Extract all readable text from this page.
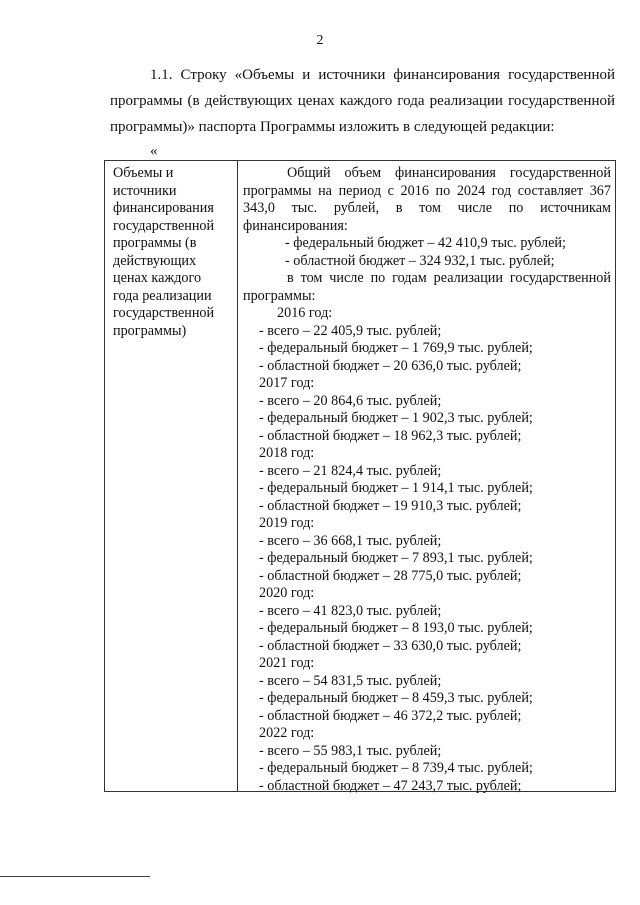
2

1.1. Строку «Объемы и источники финансирования государственной программы (в действующих ценах каждого года реализации государственной программы)» паспорта Программы изложить в следующей редакции:

«
Объемы и
источники
финансирования
государственной
программы (в
действующих
ценах каждого
года реализации
государственной
программы)
Общий объем финансирования государственной программы на период с 2016 по 2024 год составляет 367 343,0 тыс. рублей, в том числе по источникам финансирования:
- федеральный бюджет – 42 410,9 тыс. рублей;
- областной бюджет – 324 932,1 тыс. рублей;
в том числе по годам реализации государственной программы:
2016 год:
- всего – 22 405,9 тыс. рублей;
- федеральный бюджет – 1 769,9 тыс. рублей;
- областной бюджет – 20 636,0 тыс. рублей;
2017 год:
- всего – 20 864,6 тыс. рублей;
- федеральный бюджет – 1 902,3 тыс. рублей;
- областной бюджет – 18 962,3 тыс. рублей;
2018 год:
- всего – 21 824,4 тыс. рублей;
- федеральный бюджет – 1 914,1 тыс. рублей;
- областной бюджет – 19 910,3 тыс. рублей;
2019 год:
- всего – 36 668,1 тыс. рублей;
- федеральный бюджет – 7 893,1 тыс. рублей;
- областной бюджет – 28 775,0 тыс. рублей;
2020 год:
- всего – 41 823,0 тыс. рублей;
- федеральный бюджет – 8 193,0 тыс. рублей;
- областной бюджет – 33 630,0 тыс. рублей;
2021 год:
- всего – 54 831,5 тыс. рублей;
- федеральный бюджет – 8 459,3 тыс. рублей;
- областной бюджет – 46 372,2 тыс. рублей;
2022 год:
- всего – 55 983,1 тыс. рублей;
- федеральный бюджет – 8 739,4 тыс. рублей;
- областной бюджет – 47 243,7 тыс. рублей;
